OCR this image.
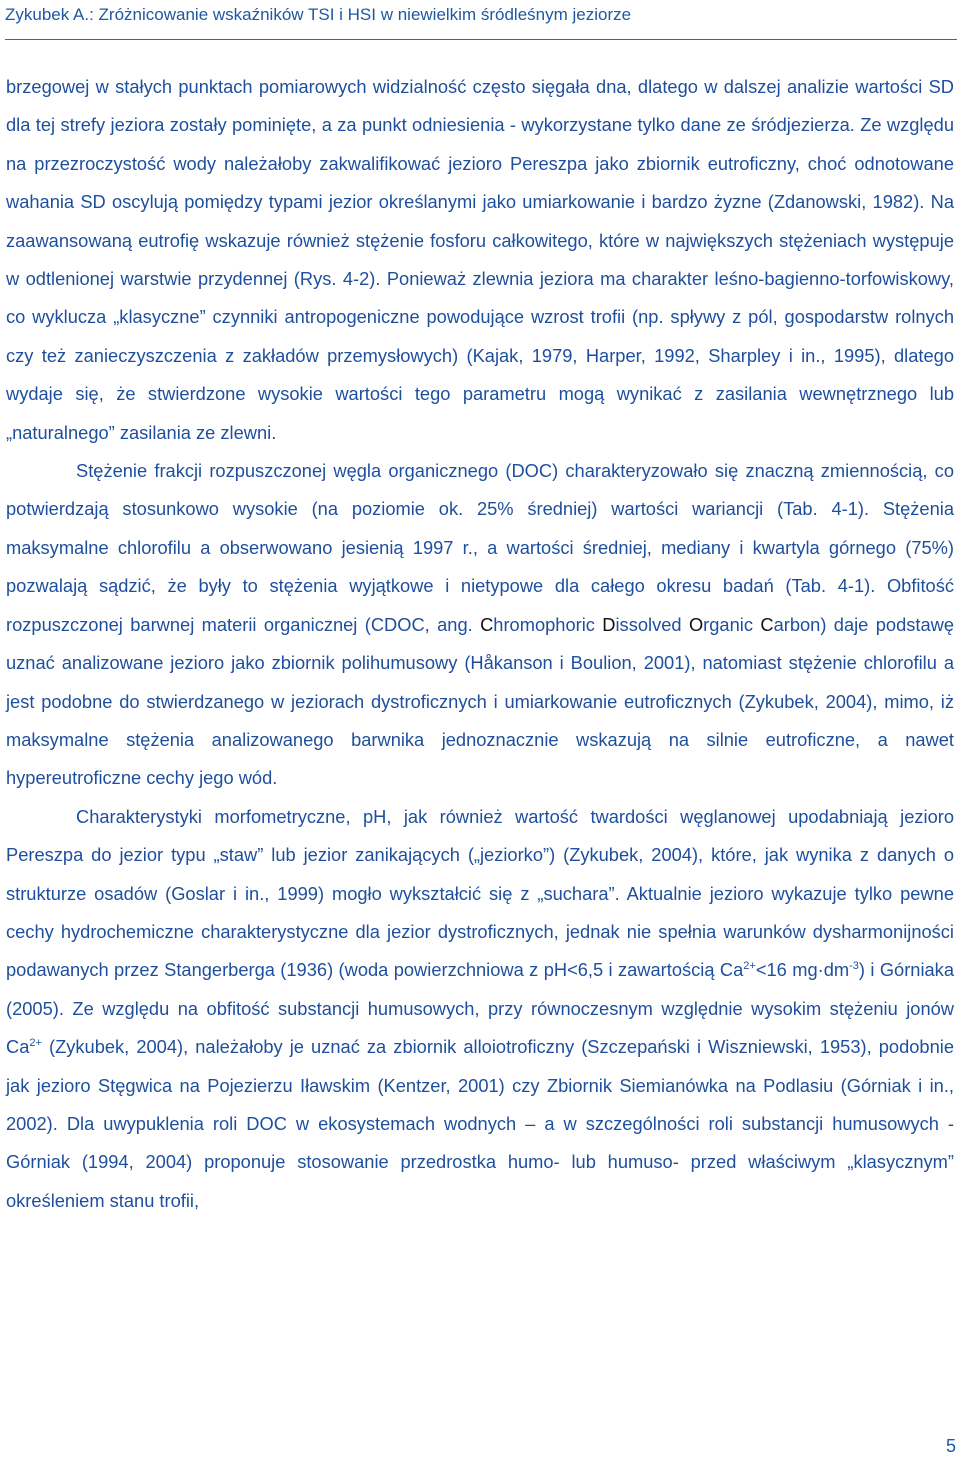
Zykubek A.: Zróżnicowanie wskaźników TSI i HSI w niewielkim śródleśnym jeziorze

brzegowej w stałych punktach pomiarowych widzialność często sięgała dna, dlatego w dalszej analizie wartości SD dla tej strefy jeziora zostały pominięte, a za punkt odniesienia - wykorzystane tylko dane ze śródjezierza. Ze względu na przezroczystość wody należałoby zakwalifikować jezioro Pereszpa jako zbiornik eutroficzny, choć odnotowane wahania SD oscylują pomiędzy typami jezior określanymi jako umiarkowanie i bardzo żyzne (Zdanowski, 1982). Na zaawansowaną eutrofię wskazuje również stężenie fosforu całkowitego, które w największych stężeniach występuje w odtlenionej warstwie przydennej (Rys. 4-2). Ponieważ zlewnia jeziora ma charakter leśno-bagienno-torfowiskowy, co wyklucza „klasyczne” czynniki antropogeniczne powodujące wzrost trofii (np. spływy z pól, gospodarstw rolnych czy też zanieczyszczenia z zakładów przemysłowych) (Kajak, 1979, Harper, 1992, Sharpley i in., 1995), dlatego wydaje się, że stwierdzone wysokie wartości tego parametru mogą wynikać z zasilania wewnętrznego lub „naturalnego” zasilania ze zlewni.

Stężenie frakcji rozpuszczonej węgla organicznego (DOC) charakteryzowało się znaczną zmiennością, co potwierdzają stosunkowo wysokie (na poziomie ok. 25% średniej) wartości wariancji (Tab. 4-1). Stężenia maksymalne chlorofilu a obserwowano jesienią 1997 r., a wartości średniej, mediany i kwartyla górnego (75%) pozwalają sądzić, że były to stężenia wyjątkowe i nietypowe dla całego okresu badań (Tab. 4-1). Obfitość rozpuszczonej barwnej materii organicznej (CDOC, ang. Chromophoric Dissolved Organic Carbon) daje podstawę uznać analizowane jezioro jako zbiornik polihumusowy (Håkanson i Boulion, 2001), natomiast stężenie chlorofilu a jest podobne do stwierdzanego w jeziorach dystroficznych i umiarkowanie eutroficznych (Zykubek, 2004), mimo, iż maksymalne stężenia analizowanego barwnika jednoznacznie wskazują na silnie eutroficzne, a nawet hypereutroficzne cechy jego wód.

Charakterystyki morfometryczne, pH, jak również wartość twardości węglanowej upodabniają jezioro Pereszpa do jezior typu „staw” lub jezior zanikających („jeziorko”) (Zykubek, 2004), które, jak wynika z danych o strukturze osadów (Goslar i in., 1999) mogło wykształcić się z „suchara”. Aktualnie jezioro wykazuje tylko pewne cechy hydrochemiczne charakterystyczne dla jezior dystroficznych, jednak nie spełnia warunków dysharmonijności podawanych przez Stangerberga (1936) (woda powierzchniowa z pH<6,5 i zawartością $Ca^{2+}<16$ $mg\cdot dm^{-3}$) i Górniaka (2005). Ze względu na obfitość substancji humusowych, przy równoczesnym względnie wysokim stężeniu jonów $Ca^{2+}$ (Zykubek, 2004), należałoby je uznać za zbiornik alloiotroficzny (Szczepański i Wiszniewski, 1953), podobnie jak jezioro Stęgwica na Pojezierzu Iławskim (Kentzer, 2001) czy Zbiornik Siemianówka na Podlasiu (Górniak i in., 2002). Dla uwypuklenia roli DOC w ekosystemach wodnych – a w szczególności roli substancji humusowych - Górniak (1994, 2004) proponuje stosowanie przedrostka humo- lub humuso- przed właściwym „klasycznym” określeniem stanu trofii,

5
